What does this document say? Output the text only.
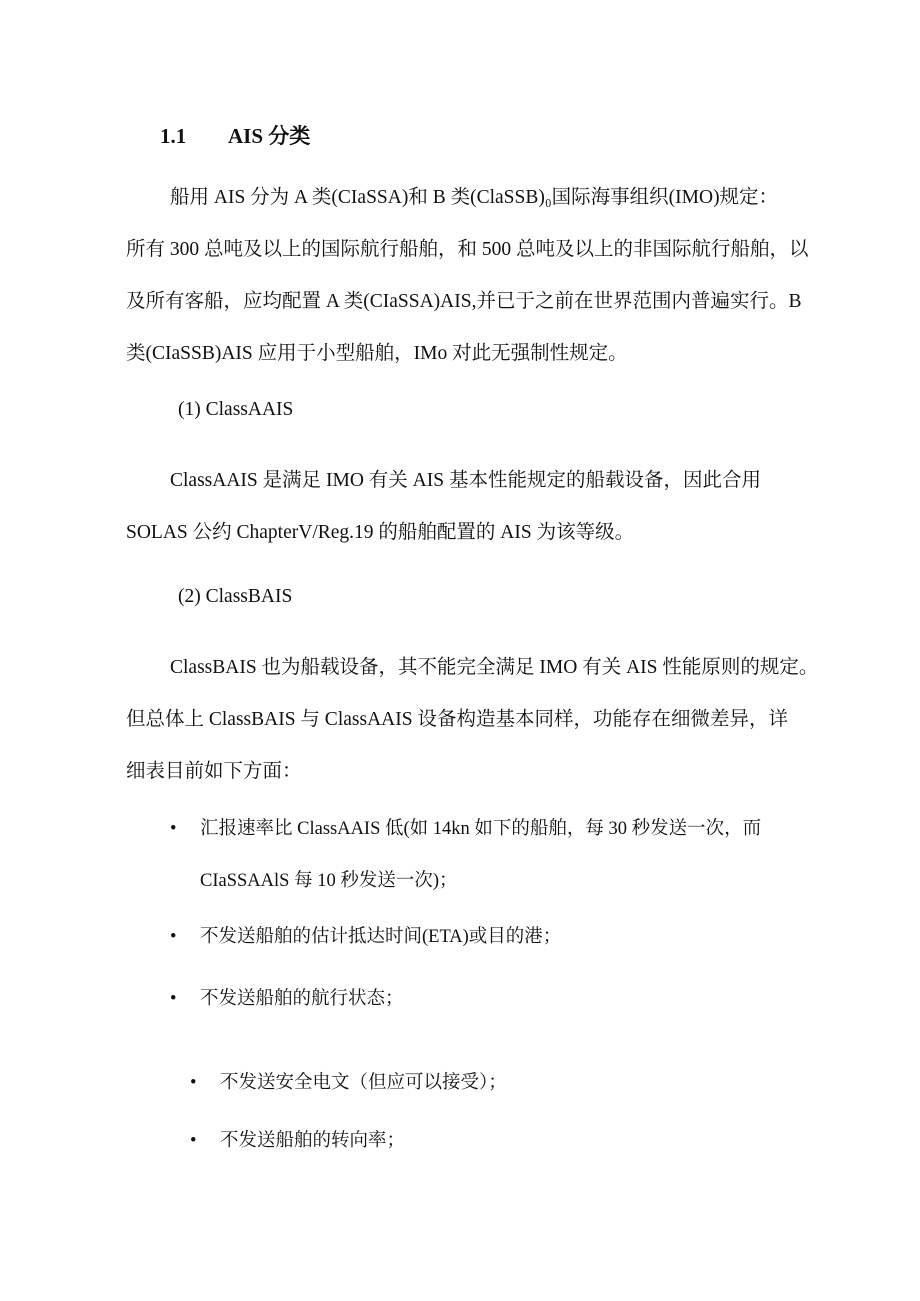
1.1 AIS 分类
船用 AIS 分为 A 类(CIaSSA)和 B 类(ClaSSB)₀国际海事组织(IMO)规定：
所有 300 总吨及以上的国际航行船舶，和 500 总吨及以上的非国际航行船舶，以
及所有客船，应均配置 A 类(CIaSSA)AIS,并已于之前在世界范围内普遍实行。B
类(CIaSSB)AIS 应用于小型船舶，IMo 对此无强制性规定。
(1) ClassAAIS
ClassAAIS 是满足 IMO 有关 AIS 基本性能规定的船载设备，因此合用
SOLAS 公约 ChapterV/Reg.19 的船舶配置的 AIS 为该等级。
(2) ClassBAIS
ClassBAIS 也为船载设备，其不能完全满足 IMO 有关 AIS 性能原则的规定。
但总体上 ClassBAIS 与 ClassAAIS 设备构造基本同样，功能存在细微差异，详
细表目前如下方面：
•	汇报速率比 ClassAAIS 低(如 14kn 如下的船舶，每 30 秒发送一次，而
CIaSSAAlS 每 10 秒发送一次)；
•	不发送船舶的估计抵达时间(ETA)或目的港；
•	不发送船舶的航行状态；
•	不发送安全电文（但应可以接受）；
•	不发送船舶的转向率；
